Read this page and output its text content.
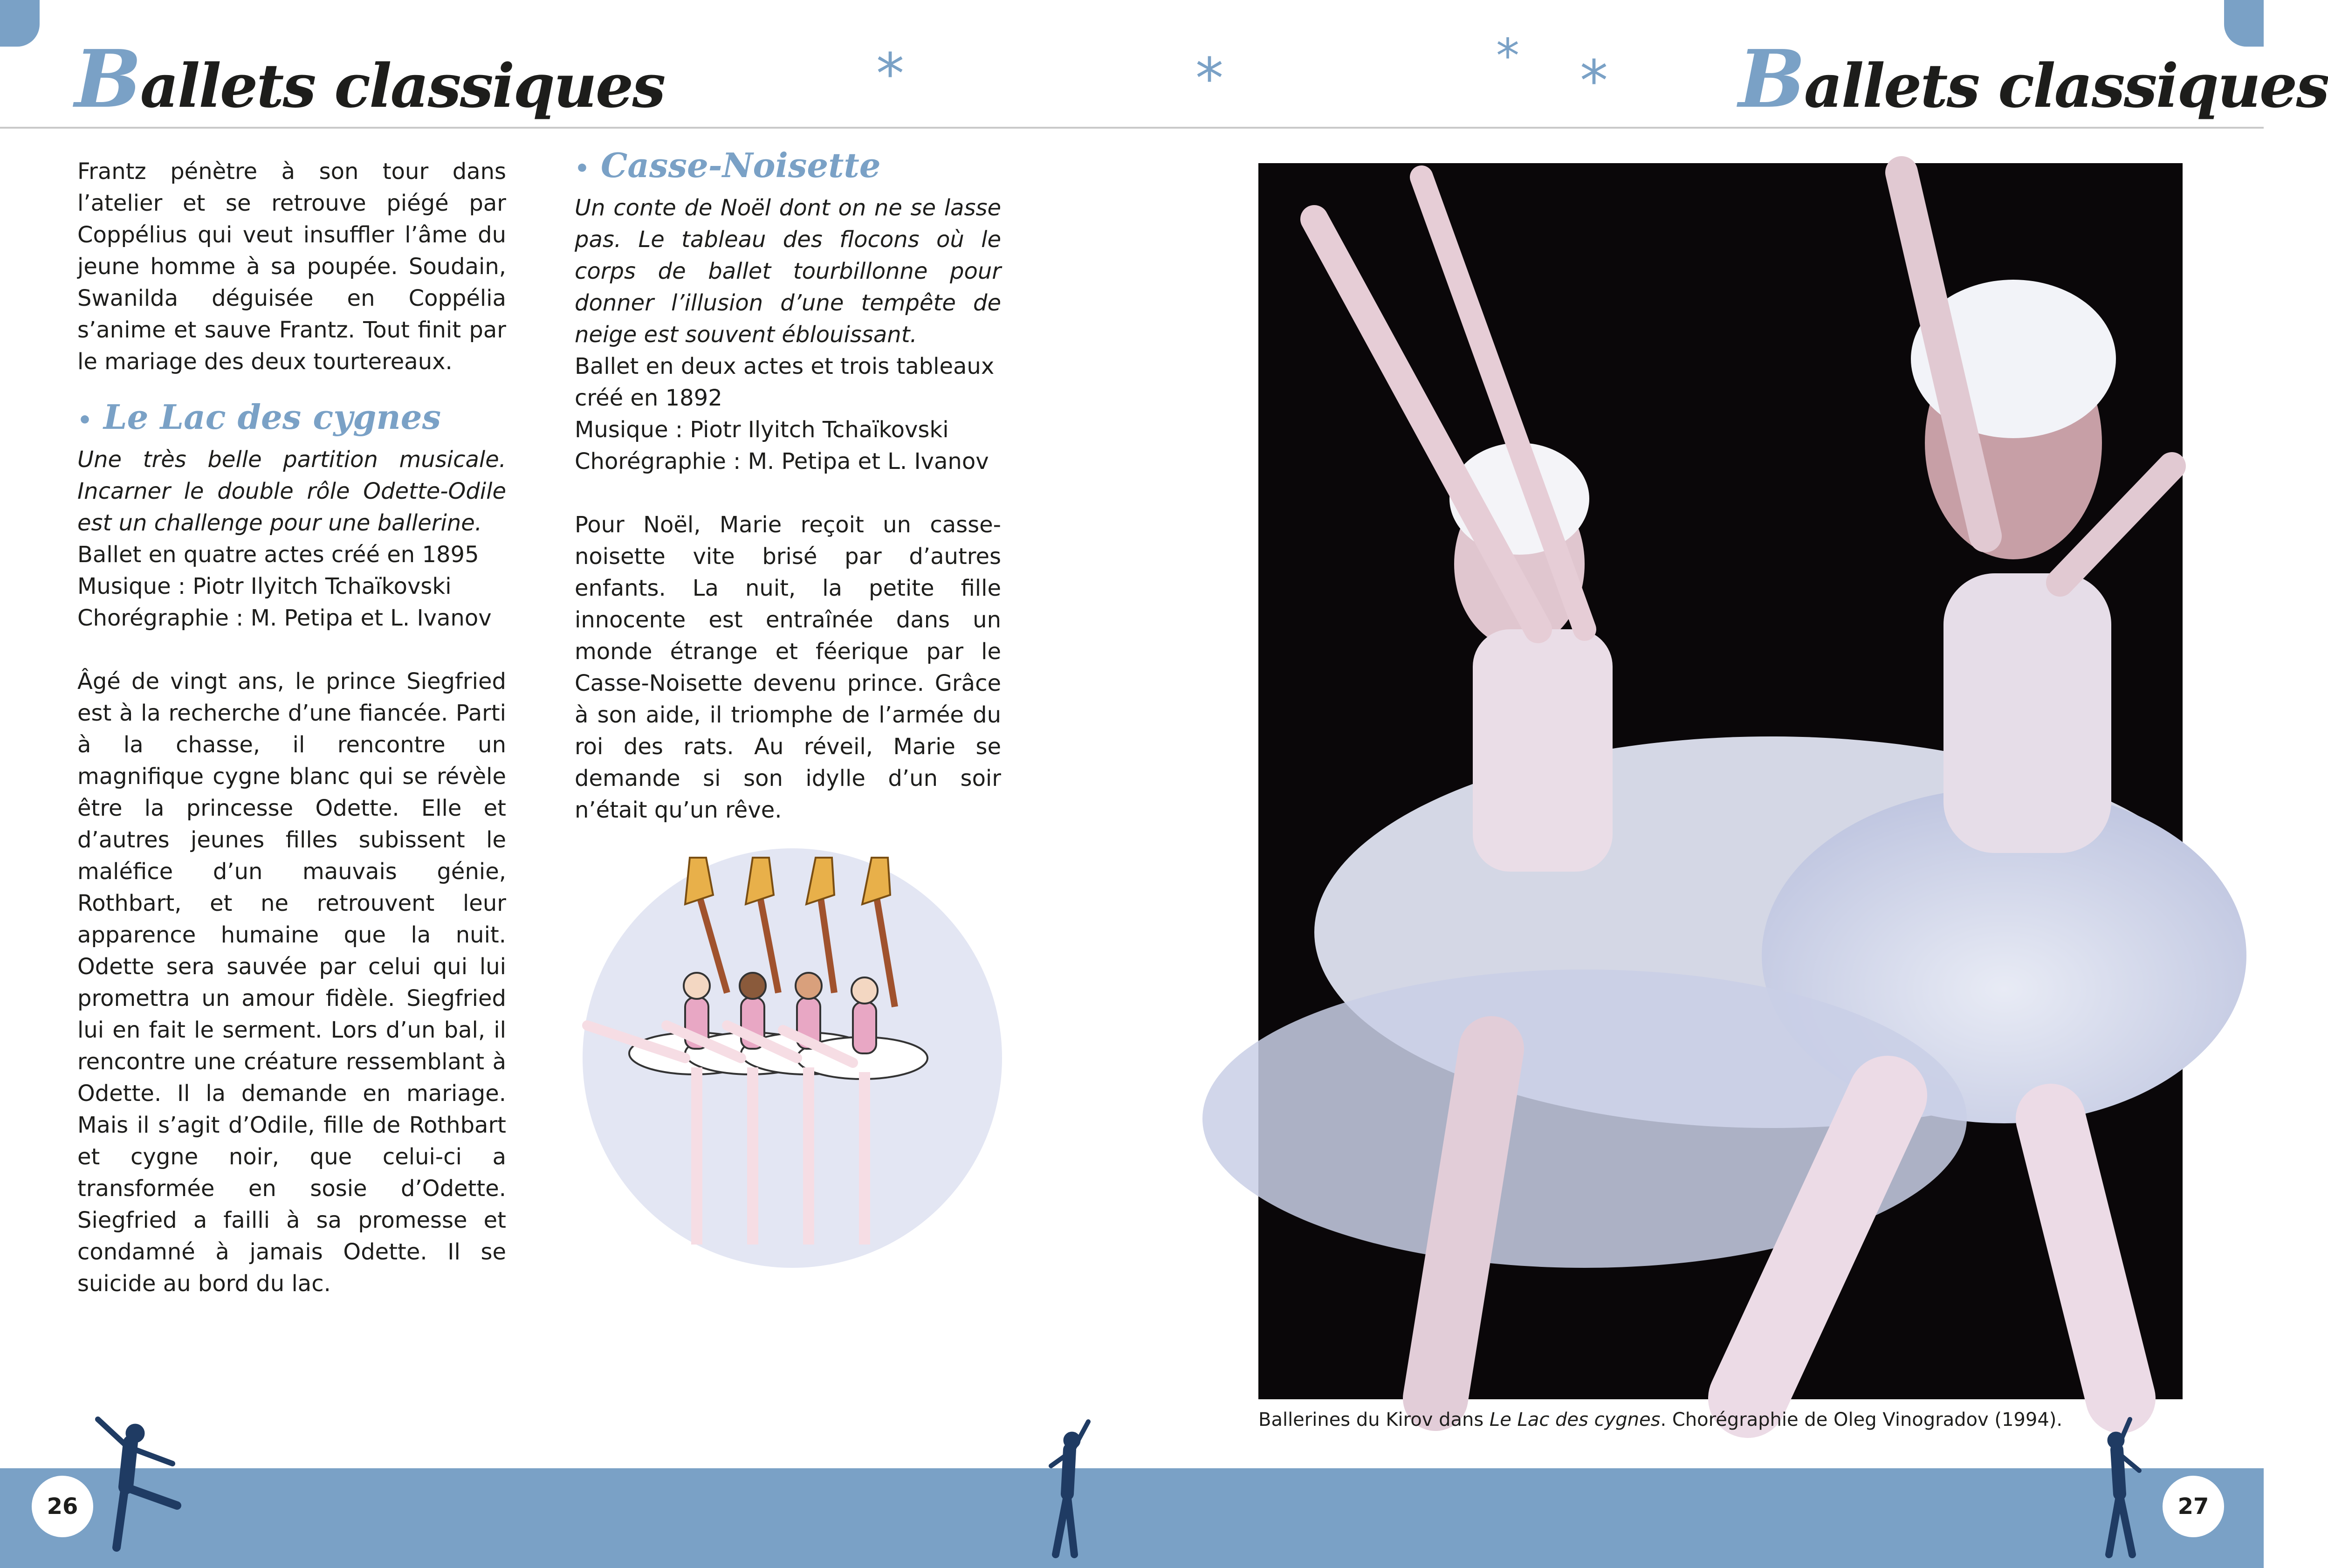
Ballets classiques	Ballets classiques
*	*	* *

Frantz pénètre à son tour dans l’atelier et se retrouve piégé par Coppélius qui veut insuffler l’âme du jeune homme à sa poupée. Soudain, Swanilda déguisée en Coppélia s’anime et sauve Frantz. Tout finit par le mariage des deux tourtereaux.

• Le Lac des cygnes

Une très belle partition musicale. Incarner le double rôle Odette-Odile est un challenge pour une ballerine.

Ballet en quatre actes créé en 1895

Musique : Piotr Ilyitch Tchaïkovski

Chorégraphie : M. Petipa et L. Ivanov

Âgé de vingt ans, le prince Siegfried est à la recherche d’une fiancée. Parti à la chasse, il rencontre un magnifique cygne blanc qui se révèle être la princesse Odette. Elle et d’autres jeunes filles subissent le maléfice d’un mauvais génie, Rothbart, et ne retrouvent leur apparence humaine que la nuit. Odette sera sauvée par celui qui lui promettra un amour fidèle. Siegfried lui en fait le serment. Lors d’un bal, il rencontre une créature ressemblant à Odette. Il la demande en mariage. Mais il s’agit d’Odile, fille de Rothbart et cygne noir, que celui-ci a transformée en sosie d’Odette. Siegfried a failli à sa promesse et condamné à jamais Odette. Il se suicide au bord du lac.

• Casse-Noisette

Un conte de Noël dont on ne se lasse pas. Le tableau des flocons où le corps de ballet tourbillonne pour donner l’illusion d’une tempête de neige est souvent éblouissant.

Ballet en deux actes et trois tableaux créé en 1892

Musique : Piotr Ilyitch Tchaïkovski

Chorégraphie : M. Petipa et L. Ivanov

Pour Noël, Marie reçoit un casse-noisette vite brisé par d’autres enfants. La nuit, la petite fille innocente est entraînée dans un monde étrange et féerique par le Casse-Noisette devenu prince. Grâce à son aide, il triomphe de l’armée du roi des rats. Au réveil, Marie se demande si son idylle d’un soir n’était qu’un rêve.

Ballerines du Kirov dans Le Lac des cygnes. Chorégraphie de Oleg Vinogradov (1994).
26	27
